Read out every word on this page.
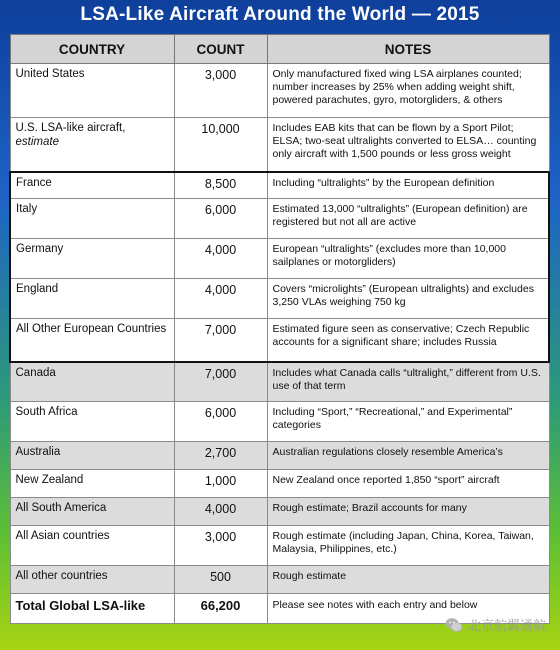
LSA-Like Aircraft Around the World — 2015
COUNTRY	COUNT	NOTES
United States	3,000	Only manufactured fixed wing LSA airplanes counted; number increases by 25% when adding weight shift, powered parachutes, gyro, motorgliders, & others
U.S. LSA-like aircraft,
estimate	10,000	Includes EAB kits that can be flown by a Sport Pilot; ELSA; two-seat ultralights converted to ELSA… counting only aircraft with 1,500 pounds or less gross weight
France	8,500	Including “ultralights” by the European definition
Italy	6,000	Estimated 13,000 “ultralights” (European definition) are registered but not all are active
Germany	4,000	European “ultralights” (excludes more than 10,000 sailplanes or motorgliders)
England	4,000	Covers “microlights” (European ultralights) and excludes 3,250 VLAs weighing 750 kg
All Other European Countries	7,000	Estimated figure seen as conservative; Czech Republic accounts for a significant share; includes Russia
Canada	7,000	Includes what Canada calls “ultralight,” different from U.S. use of that term
South Africa	6,000	Including “Sport,” “Recreational,” and Experimental” categories
Australia	2,700	Australian regulations closely resemble America’s
New Zealand	1,000	New Zealand once reported 1,850 “sport” aircraft
All South America	4,000	Rough estimate; Brazil accounts for many
All Asian countries	3,000	Rough estimate (including Japan, China, Korea, Taiwan, Malaysia, Philippines, etc.)
All other countries	500	Rough estimate
Total Global LSA-like	66,200	Please see notes with each entry and below
北京航翼通航
